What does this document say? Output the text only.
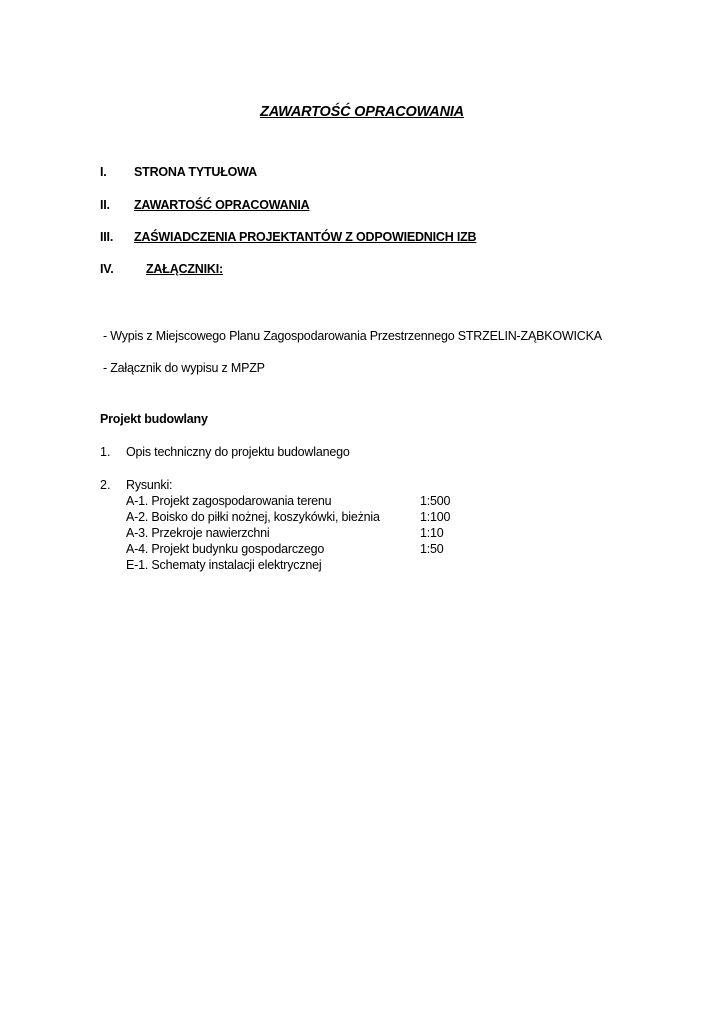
ZAWARTOŚĆ OPRACOWANIA
I. STRONA TYTUŁOWA
II. ZAWARTOŚĆ OPRACOWANIA
III. ZAŚWIADCZENIA PROJEKTANTÓW Z ODPOWIEDNICH IZB
IV.	ZAŁĄCZNIKI:
- Wypis z Miejscowego Planu Zagospodarowania Przestrzennego STRZELIN-ZĄBKOWICKA
- Załącznik do wypisu z MPZP
Projekt budowlany
1. Opis techniczny do projektu budowlanego
2. Rysunki:
A-1. Projekt zagospodarowania terenu	1:500
A-2. Boisko do piłki nożnej, koszykówki, bieżnia	1:100
A-3. Przekroje nawierzchni	1:10
A-4. Projekt budynku gospodarczego	1:50
E-1. Schematy instalacji elektrycznej
